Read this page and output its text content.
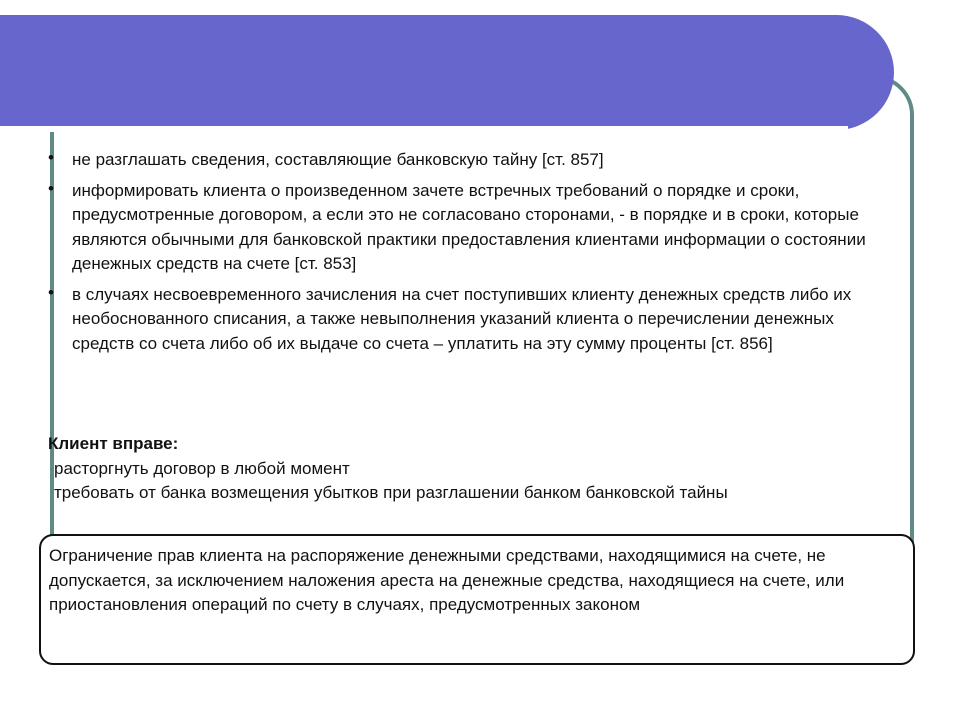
• не разглашать сведения, составляющие банковскую тайну [ст. 857]
• информировать клиента о произведенном зачете встречных требований о порядке и сроки, предусмотренные договором, а если это не согласовано сторонами, - в порядке и в сроки, которые являются обычными для банковской практики предоставления клиентами информации о состоянии денежных средств на счете [ст. 853]
• в случаях несвоевременного зачисления на счет поступивших клиенту денежных средств либо их необоснованного списания, а также невыполнения указаний клиента о перечислении денежных средств со счета либо об их выдаче со счета – уплатить на эту сумму проценты [ст. 856]
Клиент вправе:
расторгнуть договор в любой момент
требовать от банка возмещения убытков при разглашении банком банковской тайны
Ограничение прав клиента на распоряжение денежными средствами, находящимися на счете, не допускается, за исключением наложения ареста на денежные средства, находящиеся на счете, или приостановления операций по счету в случаях, предусмотренных законом
